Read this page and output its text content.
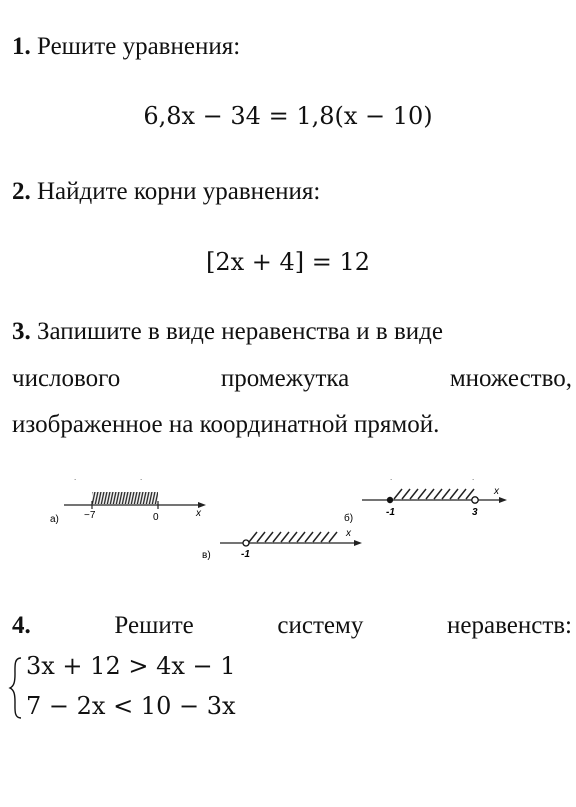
1. Решите уравнения:
6,8x − 34 = 1,8(x − 10)
2. Найдите корни уравнения:
[2x + 4] = 12
3. Запишите в виде неравенства и в виде
числового	промежутка	множество,
изображенное на координатной прямой.
.	.
−7	0	x
а)
.	.
-1	3
x
б)
-1
x
в)
4.	Решите	систему	неравенств:
3x + 12 > 4x − 1
7 − 2x < 10 − 3x
